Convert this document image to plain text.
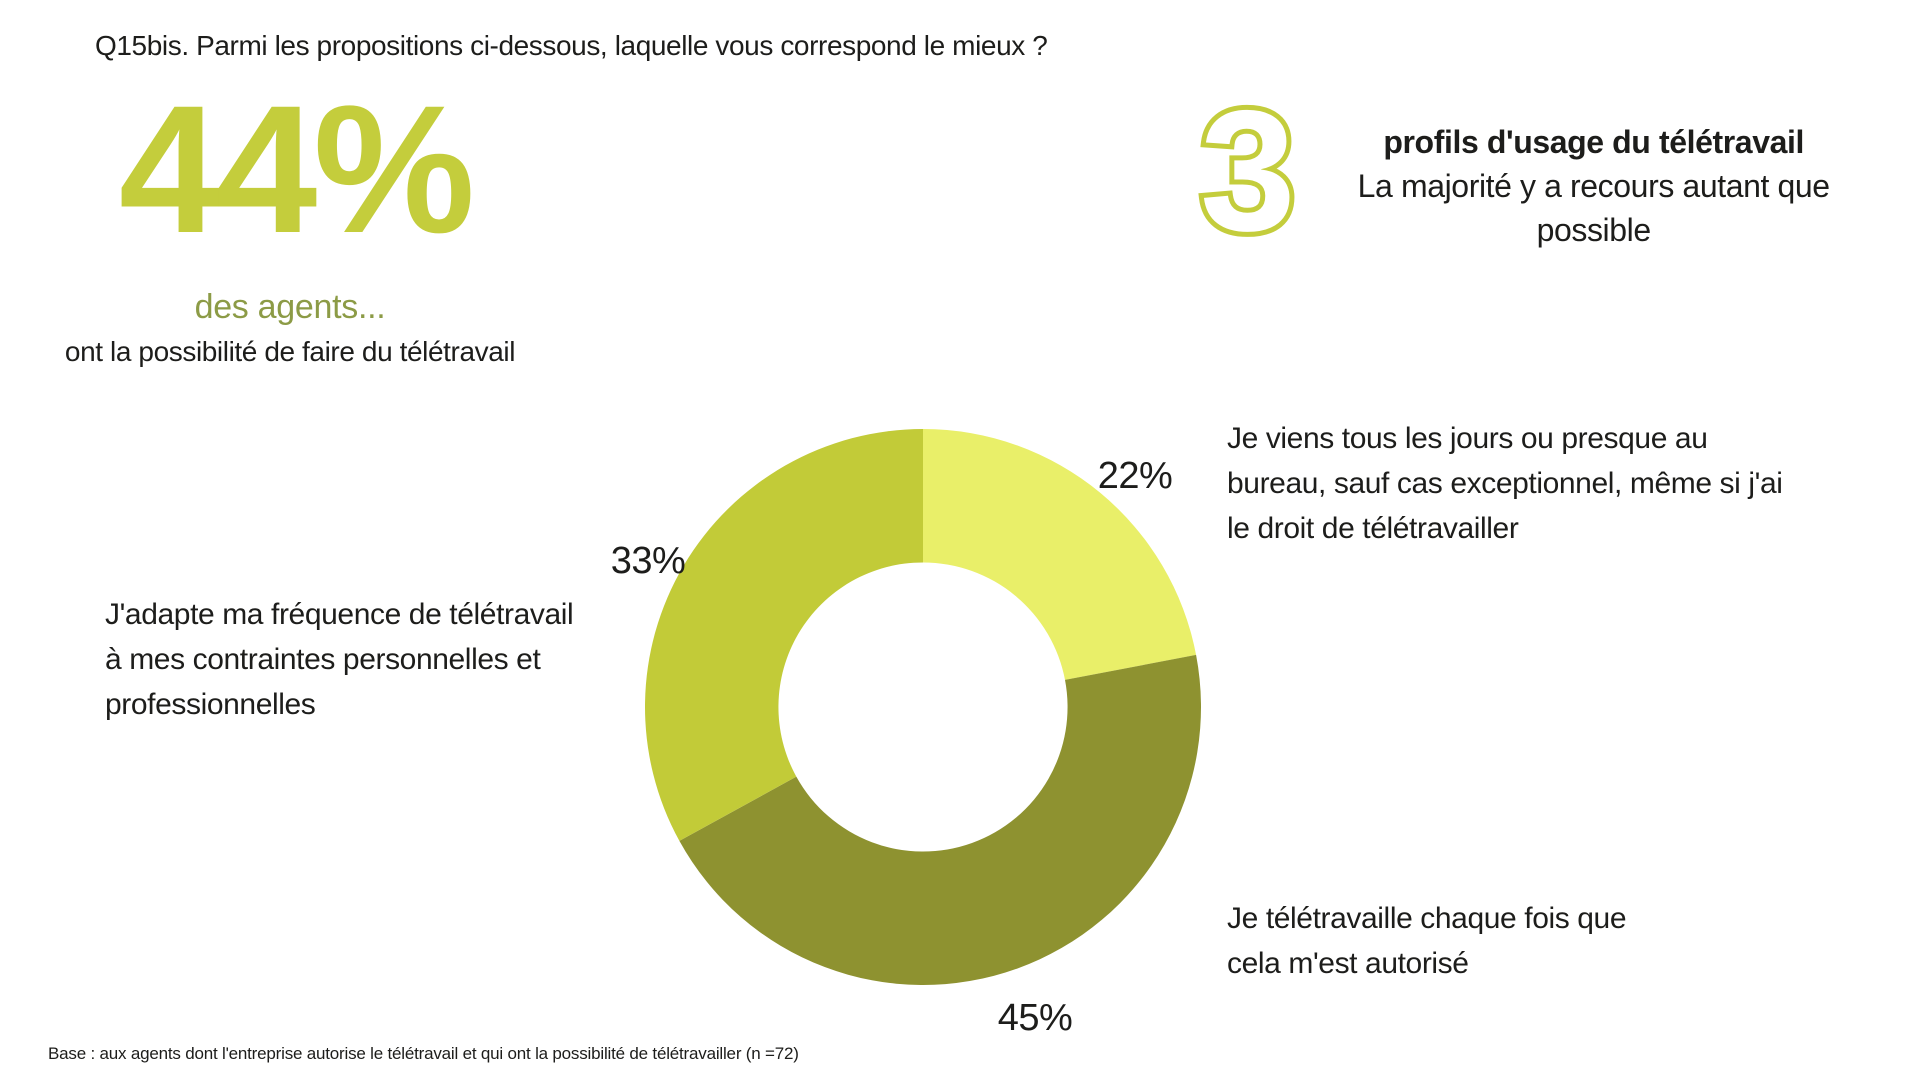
Q15bis. Parmi les propositions ci-dessous, laquelle vous correspond le mieux ?
44%
des agents...
ont la possibilité de faire du télétravail
3	profils d'usage du télétravail
La majorité y a recours autant que possible
22%
45%
33%
Je viens tous les jours ou presque au bureau, sauf cas exceptionnel, même si j'ai le droit de télétravailler
Je télétravaille chaque fois que cela m'est autorisé
J'adapte ma fréquence de télétravail à mes contraintes personnelles et professionnelles
Base : aux agents dont l'entreprise autorise le télétravail et qui ont la possibilité de télétravailler (n =72)
